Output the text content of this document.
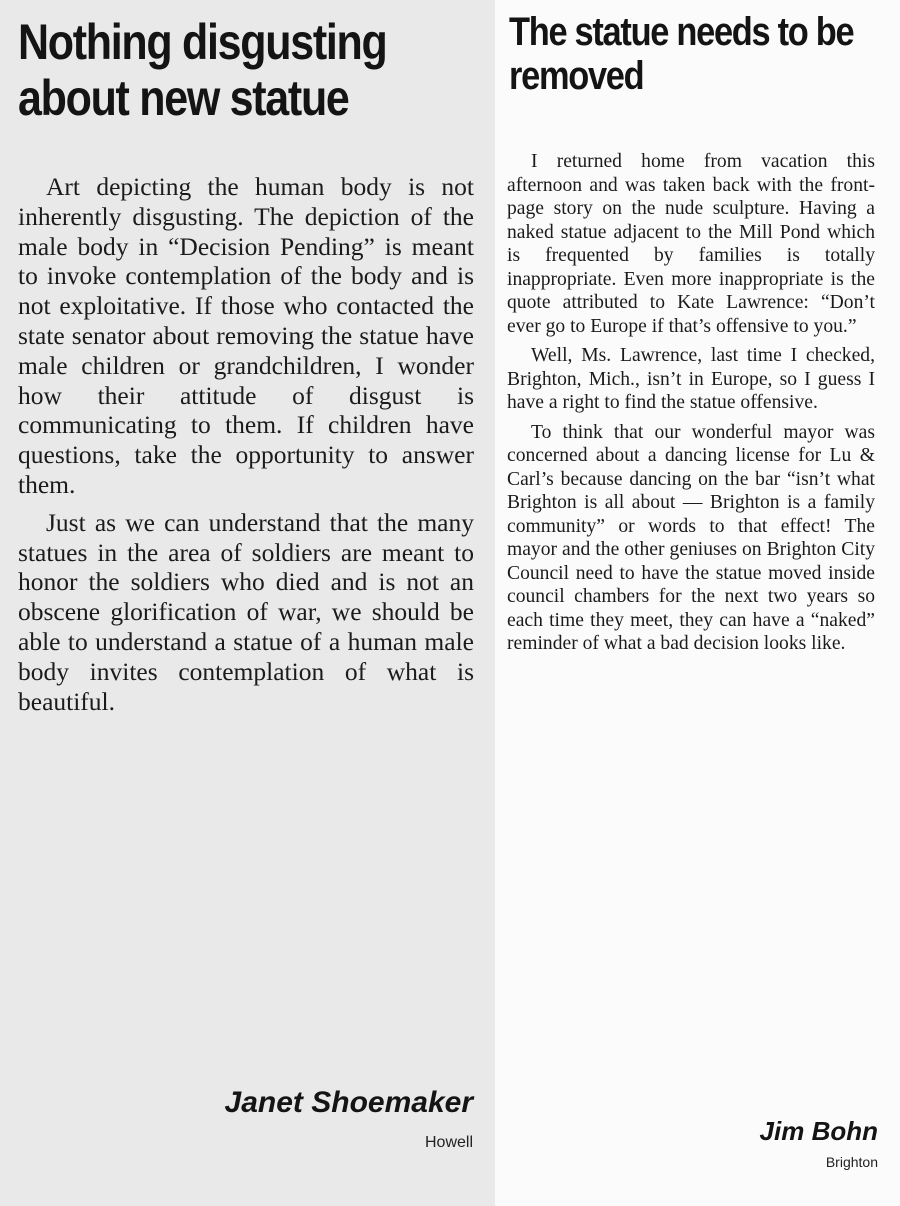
Nothing disgusting about new statue

Art depicting the human body is not inherently disgusting. The depiction of the male body in “Decision Pending” is meant to invoke contemplation of the body and is not exploitative. If those who contacted the state senator about removing the statue have male children or grandchildren, I wonder how their attitude of disgust is communicating to them. If children have questions, take the opportunity to answer them.

Just as we can understand that the many statues in the area of soldiers are meant to honor the soldiers who died and is not an obscene glorification of war, we should be able to understand a statue of a human male body invites contemplation of what is beautiful.

Janet Shoemaker
Howell
The statue needs to be removed

I returned home from vacation this afternoon and was taken back with the front-page story on the nude sculpture. Having a naked statue adjacent to the Mill Pond which is frequented by families is totally inappropriate. Even more inappropriate is the quote attributed to Kate Lawrence: “Don’t ever go to Europe if that’s offensive to you.”

Well, Ms. Lawrence, last time I checked, Brighton, Mich., isn’t in Europe, so I guess I have a right to find the statue offensive.

To think that our wonderful mayor was concerned about a dancing license for Lu & Carl’s because dancing on the bar “isn’t what Brighton is all about — Brighton is a family community” or words to that effect! The mayor and the other geniuses on Brighton City Council need to have the statue moved inside council chambers for the next two years so each time they meet, they can have a “naked” reminder of what a bad decision looks like.

Jim Bohn
Brighton
